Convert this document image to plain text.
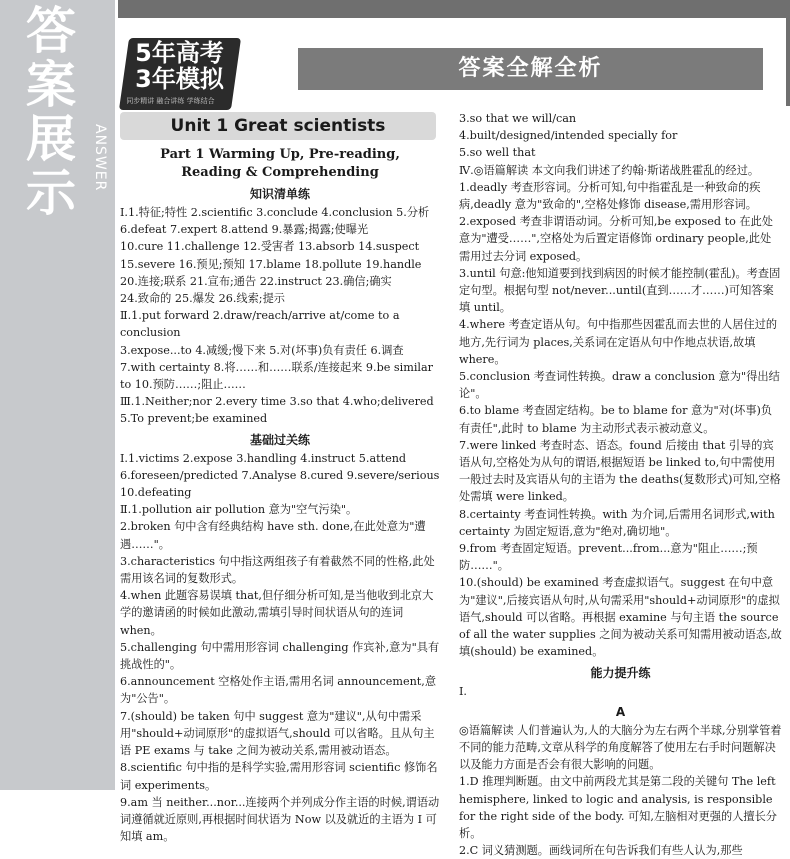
答案展示
ANSWER
5年高考
3年模拟
同步精讲 融合讲练 学练结合
答案全解全析
Unit 1 Great scientists
Part 1 Warming Up, Pre-reading,
Reading & Comprehending
知识清单练

Ⅰ.1.特征;特性 2.scientific 3.conclude 4.conclusion 5.分析 6.defeat 7.expert 8.attend 9.暴露;揭露;使曝光

10.cure 11.challenge 12.受害者 13.absorb 14.suspect

15.severe 16.预见;预知 17.blame 18.pollute 19.handle

20.连接;联系 21.宣布;通告 22.instruct 23.确信;确实

24.致命的 25.爆发 26.线索;提示

Ⅱ.1.put forward 2.draw/reach/arrive at/come to a conclusion

3.expose...to 4.减缓;慢下来 5.对(坏事)负有责任 6.调查

7.with certainty 8.将……和……联系/连接起来 9.be similar to 10.预防……;阻止……

Ⅲ.1.Neither;nor 2.every time 3.so that 4.who;delivered

5.To prevent;be examined

基础过关练

Ⅰ.1.victims 2.expose 3.handling 4.instruct 5.attend

6.foreseen/predicted 7.Analyse 8.cured 9.severe/serious

10.defeating

Ⅱ.1.pollution air pollution 意为"空气污染"。

2.broken 句中含有经典结构 have sth. done,在此处意为"遭遇……"。

3.characteristics 句中指这两组孩子有着截然不同的性格,此处需用该名词的复数形式。

4.when 此题容易误填 that,但仔细分析可知,是当他收到北京大学的邀请函的时候如此激动,需填引导时间状语从句的连词 when。

5.challenging 句中需用形容词 challenging 作宾补,意为"具有挑战性的"。

6.announcement 空格处作主语,需用名词 announcement,意为"公告"。

7.(should) be taken 句中 suggest 意为"建议",从句中需采用"should+动词原形"的虚拟语气,should 可以省略。且从句主语 PE exams 与 take 之间为被动关系,需用被动语态。

8.scientific 句中指的是科学实验,需用形容词 scientific 修饰名词 experiments。

9.am 当 neither...nor...连接两个并列成分作主语的时候,谓语动词遵循就近原则,再根据时间状语为 Now 以及就近的主语为 I 可知填 am。

3.so that we will/can

4.built/designed/intended specially for

5.so well that

Ⅳ.◎语篇解读 本文向我们讲述了约翰·斯诺战胜霍乱的经过。

1.deadly 考查形容词。分析可知,句中指霍乱是一种致命的疾病,deadly 意为"致命的",空格处修饰 disease,需用形容词。

2.exposed 考查非谓语动词。分析可知,be exposed to 在此处意为"遭受……",空格处为后置定语修饰 ordinary people,此处需用过去分词 exposed。

3.until 句意:他知道要到找到病因的时候才能控制(霍乱)。考查固定句型。根据句型 not/never...until(直到……才……)可知答案填 until。

4.where 考查定语从句。句中指那些因霍乱而去世的人居住过的地方,先行词为 places,关系词在定语从句中作地点状语,故填 where。

5.conclusion 考查词性转换。draw a conclusion 意为"得出结论"。

6.to blame 考查固定结构。be to blame for 意为"对(坏事)负有责任",此时 to blame 为主动形式表示被动意义。

7.were linked 考查时态、语态。found 后接由 that 引导的宾语从句,空格处为从句的谓语,根据短语 be linked to,句中需使用一般过去时及宾语从句的主语为 the deaths(复数形式)可知,空格处需填 were linked。

8.certainty 考查词性转换。with 为介词,后需用名词形式,with certainty 为固定短语,意为"绝对,确切地"。

9.from 考查固定短语。prevent...from...意为"阻止……;预防……"。

10.(should) be examined 考查虚拟语气。suggest 在句中意为"建议",后接宾语从句时,从句需采用"should+动词原形"的虚拟语气,should 可以省略。再根据 examine 与句主语 the source of all the water supplies 之间为被动关系可知需用被动语态,故填(should) be examined。

能力提升练

Ⅰ.

A

◎语篇解读 人们普遍认为,人的大脑分为左右两个半球,分别掌管着不同的能力范畴,文章从科学的角度解答了使用左右手时问题解决以及能力方面是否会有很大影响的问题。

1.D 推理判断题。由文中前两段尤其是第二段的关键句 The left hemisphere, linked to logic and analysis, is responsible for the right side of the body. 可知,左脑相对更强的人擅长分析。

2.C 词义猜测题。画线词所在句告诉我们有些人认为,那些
